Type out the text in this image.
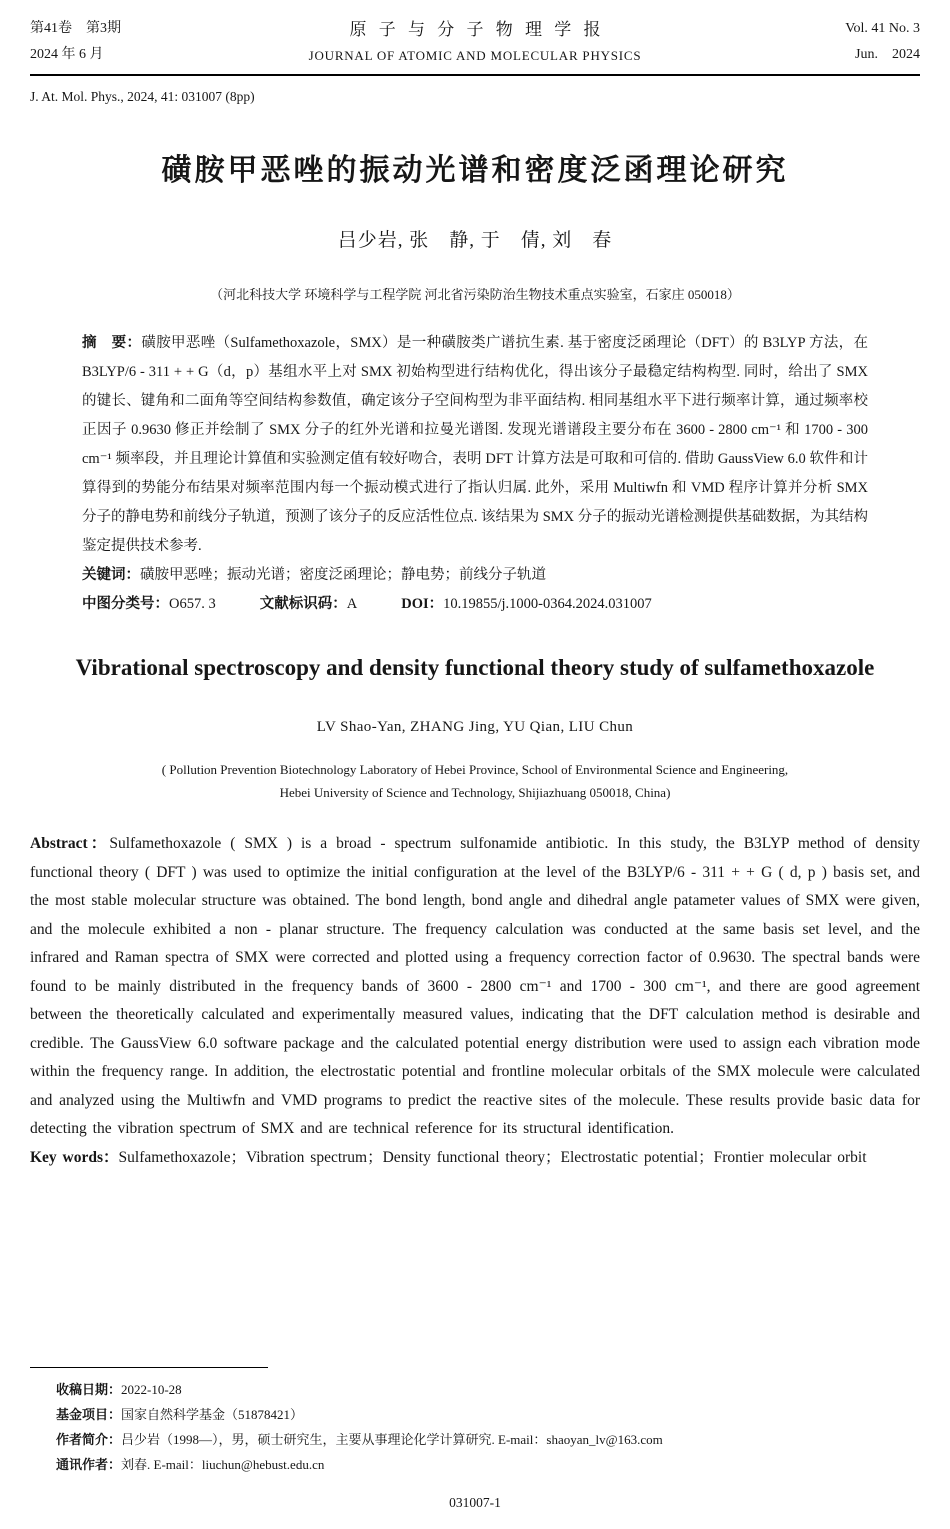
第41卷　第3期
2024 年 6 月
原子与分子物理学报
JOURNAL OF ATOMIC AND MOLECULAR PHYSICS
Vol. 41 No. 3
Jun.　2024
J. At. Mol. Phys., 2024, 41: 031007 (8pp)
磺胺甲恶唑的振动光谱和密度泛函理论研究
吕少岩, 张　静, 于　倩, 刘　春
（河北科技大学 环境科学与工程学院 河北省污染防治生物技术重点实验室，石家庄 050018）

摘　要：磺胺甲恶唑（Sulfamethoxazole，SMX）是一种磺胺类广谱抗生素. 基于密度泛函理论（DFT）的 B3LYP 方法，在 B3LYP/6 - 311 + + G（d，p）基组水平上对 SMX 初始构型进行结构优化，得出该分子最稳定结构构型. 同时，给出了 SMX 的键长、键角和二面角等空间结构参数值，确定该分子空间构型为非平面结构. 相同基组水平下进行频率计算，通过频率校正因子 0.9630 修正并绘制了 SMX 分子的红外光谱和拉曼光谱图. 发现光谱谱段主要分布在 3600 - 2800 cm⁻¹ 和 1700 - 300 cm⁻¹ 频率段，并且理论计算值和实验测定值有较好吻合，表明 DFT 计算方法是可取和可信的. 借助 GaussView 6.0 软件和计算得到的势能分布结果对频率范围内每一个振动模式进行了指认归属. 此外，采用 Multiwfn 和 VMD 程序计算并分析 SMX 分子的静电势和前线分子轨道，预测了该分子的反应活性位点. 该结果为 SMX 分子的振动光谱检测提供基础数据，为其结构鉴定提供技术参考.

关键词：磺胺甲恶唑；振动光谱；密度泛函理论；静电势；前线分子轨道

中图分类号：O657. 3	文献标识码：A	DOI：10.19855/j.1000-0364.2024.031007

Vibrational spectroscopy and density functional theory study of sulfamethoxazole
LV Shao-Yan, ZHANG Jing, YU Qian, LIU Chun
( Pollution Prevention Biotechnology Laboratory of Hebei Province, School of Environmental Science and Engineering,
Hebei University of Science and Technology, Shijiazhuang 050018, China)

Abstract：Sulfamethoxazole ( SMX ) is a broad - spectrum sulfonamide antibiotic. In this study, the B3LYP method of density functional theory ( DFT ) was used to optimize the initial configuration at the level of the B3LYP/6 - 311 + + G ( d, p ) basis set, and the most stable molecular structure was obtained. The bond length, bond angle and dihedral angle patameter values of SMX were given, and the molecule exhibited a non - planar structure. The frequency calculation was conducted at the same basis set level, and the infrared and Raman spectra of SMX were corrected and plotted using a frequency correction factor of 0.9630. The spectral bands were found to be mainly distributed in the frequency bands of 3600 - 2800 cm⁻¹ and 1700 - 300 cm⁻¹, and there are good agreement between the theoretically calculated and experimentally measured values, indicating that the DFT calculation method is desirable and credible. The GaussView 6.0 software package and the calculated potential energy distribution were used to assign each vibration mode within the frequency range. In addition, the electrostatic potential and frontline molecular orbitals of the SMX molecule were calculated and analyzed using the Multiwfn and VMD programs to predict the reactive sites of the molecule. These results provide basic data for detecting the vibration spectrum of SMX and are technical reference for its structural identification.

Key words：Sulfamethoxazole；Vibration spectrum；Density functional theory；Electrostatic potential；Frontier molecular orbit

收稿日期：2022-10-28
基金项目：国家自然科学基金（51878421）
作者简介：吕少岩（1998—），男，硕士研究生，主要从事理论化学计算研究. E-mail：shaoyan_lv@163.com
通讯作者：刘春. E-mail：liuchun@hebust.edu.cn
031007-1
